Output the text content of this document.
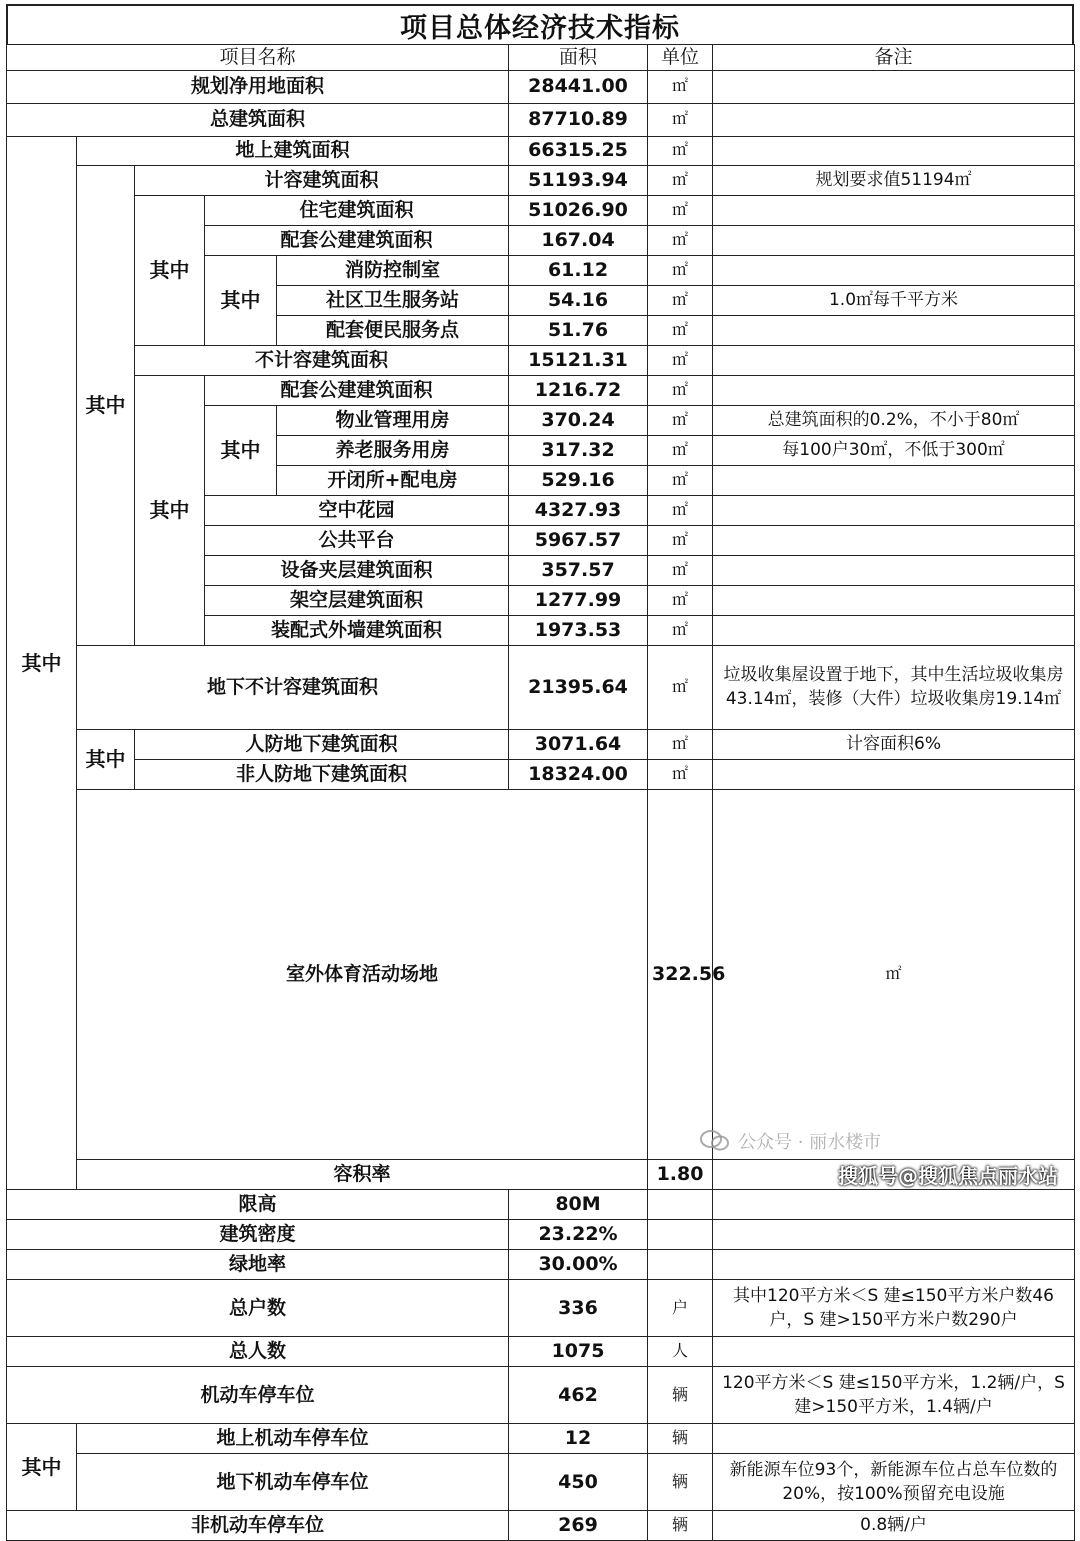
项目总体经济技术指标
项目名称					面积	单位	备注	
规划净用地面积					28441.00	㎡		
总建筑面积					87710.89	㎡		
其中	地上建筑面积				66315.25	㎡		
	其中	计容建筑面积			51193.94	㎡	规划要求值51194㎡	
		其中	住宅建筑面积		51026.90	㎡		
			配套公建建筑面积		167.04	㎡		
			其中	消防控制室	61.12	㎡		
				社区卫生服务站	54.16	㎡	1.0㎡每千平方米	
				配套便民服务点	51.76	㎡		
		不计容建筑面积			15121.31	㎡		
		其中	配套公建建筑面积		1216.72	㎡		
			其中	物业管理用房	370.24	㎡	总建筑面积的0.2%，不小于80㎡	
				养老服务用房	317.32	㎡	每100户30㎡，不低于300㎡	
				开闭所+配电房	529.16	㎡		
			空中花园		4327.93	㎡		
			公共平台		5967.57	㎡		
			设备夹层建筑面积		357.57	㎡		
			架空层建筑面积		1277.99	㎡		
			装配式外墙建筑面积		1973.53	㎡		
	地下不计容建筑面积				21395.64	㎡	垃圾收集屋设置于地下，其中生活垃圾收集房43.14㎡，装修（大件）垃圾收集房19.14㎡	
	其中	人防地下建筑面积			3071.64	㎡	计容面积6%	
		非人防地下建筑面积			18324.00	㎡		
	室外体育活动场地					322.56	㎡	
	容积率					1.80		
限高					80M			
建筑密度					23.22%			
绿地率					30.00%			
总户数					336	户	其中120平方米＜S 建≤150平方米户数46户，S 建>150平方米户数290户	
总人数					1075	人		
机动车停车位					462	辆	120平方米＜S 建≤150平方米，1.2辆/户，S 建>150平方米，1.4辆/户	
其中	地上机动车停车位				12	辆		
	地下机动车停车位				450	辆	新能源车位93个，新能源车位占总车位数的20%，按100%预留充电设施	
非机动车停车位					269	辆	0.8辆/户	
公众号 · 丽水楼市
搜狐号@搜狐焦点丽水站
